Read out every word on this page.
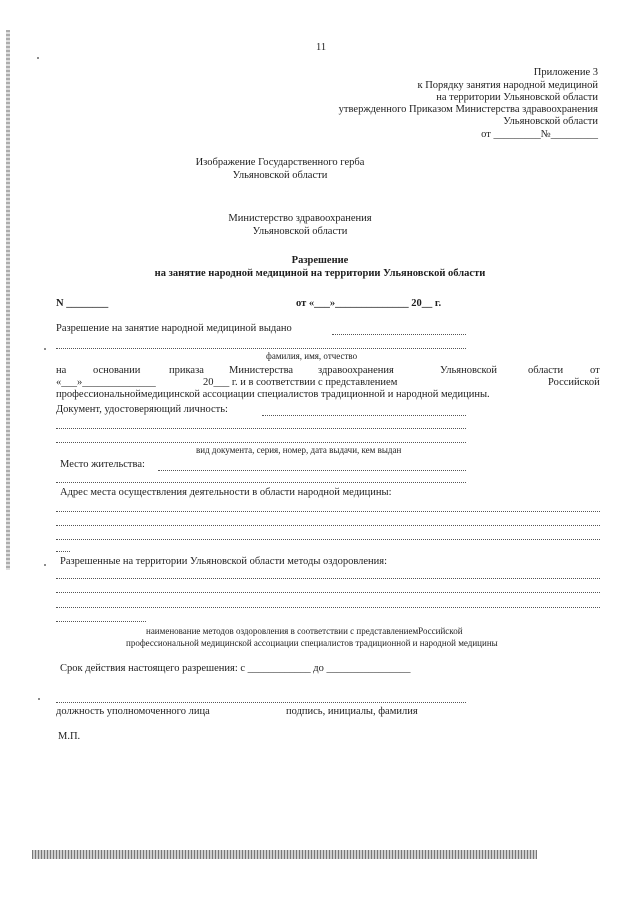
11
Приложение 3
к Порядку занятия народной медициной
на территории Ульяновской области
утвержденного Приказом Министерства здравоохранения
Ульяновской области
от _________№_________
Изображение Государственного герба
Ульяновской области
Министерство здравоохранения
Ульяновской области
Разрешение
на занятие народной медициной на территории Ульяновской области
N ________	от «___»______________ 20__ г.
Разрешение на занятие народной медициной выдано
фамилия, имя, отчество
на	основании	приказа Министерства здравоохранения	Ульяновской	области	от
«___»______________	20___ г. и в соответствии с представлением	Российской
профессиональноймедицинской ассоциации специалистов традиционной и народной медицины.
Документ, удостоверяющий личность:
вид документа, серия, номер, дата выдачи, кем выдан
Место жительства:
Адрес места осуществления деятельности в области народной медицины:
Разрешенные на территории Ульяновской области методы оздоровления:
наименование методов оздоровления в соответствии с представлениемРоссийской
профессиональной медицинской ассоциации специалистов традиционной и народной медицины
Срок действия настоящего разрешения: с ____________ до ________________
должность уполномоченного лица	подпись, инициалы, фамилия
М.П.
